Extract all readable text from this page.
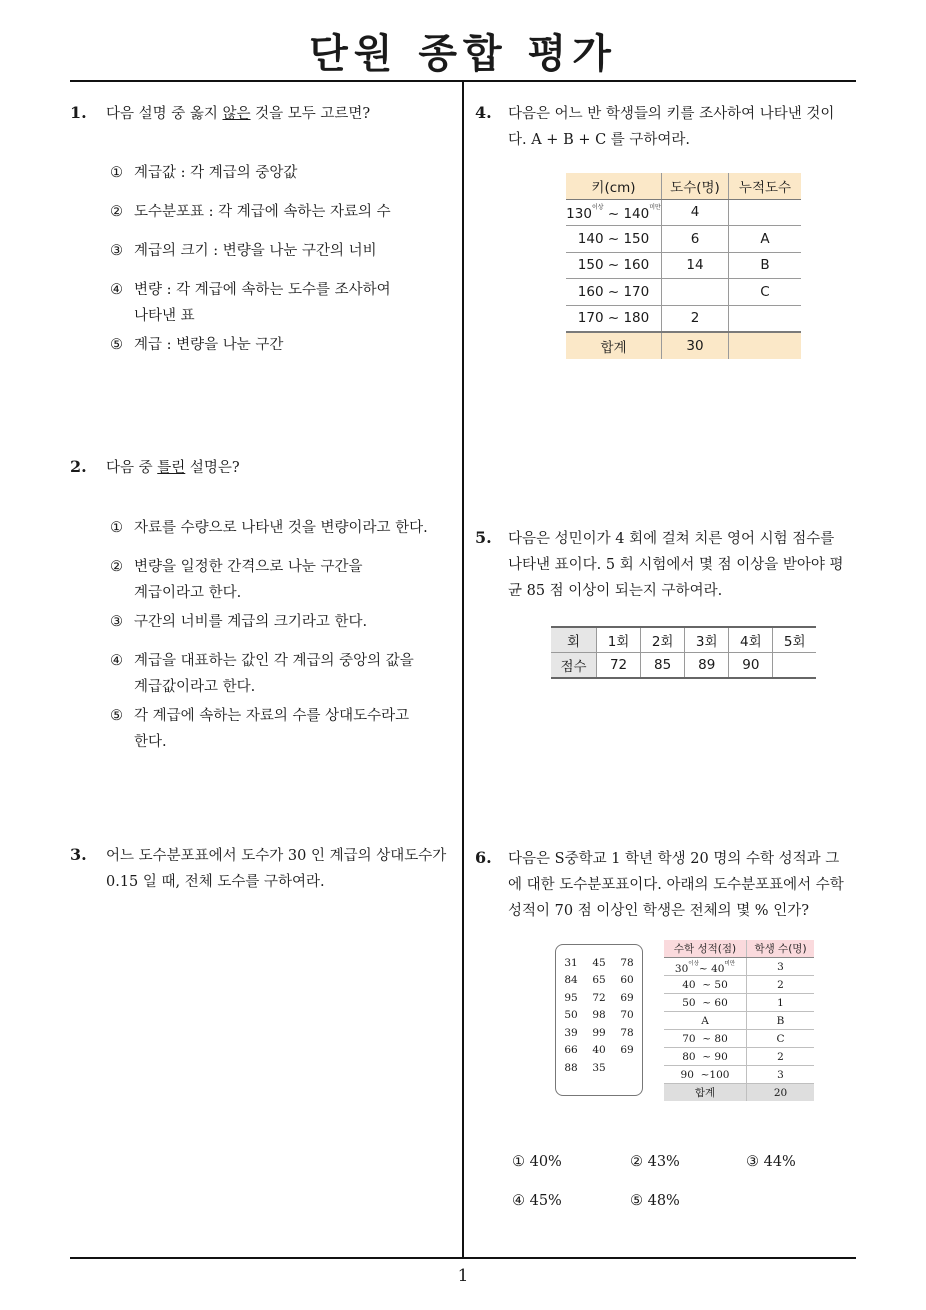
단원 종합 평가
1
1. 다음 설명 중 옳지 않은 것을 모두 고르면?
① 계급값 : 각 계급의 중앙값
② 도수분포표 : 각 계급에 속하는 자료의 수
③ 계급의 크기 : 변량을 나눈 구간의 너비
④ 변량 : 각 계급에 속하는 도수를 조사하여
나타낸 표
⑤ 계급 : 변량을 나눈 구간
2. 다음 중 틀린 설명은?
① 자료를 수량으로 나타낸 것을 변량이라고 한다.
② 변량을 일정한 간격으로 나눈 구간을
계급이라고 한다.
③ 구간의 너비를 계급의 크기라고 한다.
④ 계급을 대표하는 값인 각 계급의 중앙의 값을
계급값이라고 한다.
⑤ 각 계급에 속하는 자료의 수를 상대도수라고
한다.
3. 어느 도수분포표에서 도수가 30 인 계급의 상대도수가
0.15 일 때, 전체 도수를 구하여라.
4. 다음은 어느 반 학생들의 키를 조사하여 나타낸 것이
다. A + B + C 를 구하여라.
키(cm)	도수(명)	누적도수
$130^{이상}$ ~ $140^{미만}$	4	
140 ~ 150	6	A
150 ~ 160	14	B
160 ~ 170		C
170 ~ 180	2	
합계	30	
5. 다음은 성민이가 4 회에 걸쳐 치른 영어 시험 점수를
나타낸 표이다. 5 회 시험에서 몇 점 이상을 받아야 평
균 85 점 이상이 되는지 구하여라.
회	1회	2회	3회	4회	5회
점수	72	85	89	90	
6. 다음은 S중학교 1 학년 학생 20 명의 수학 성적과 그
에 대한 도수분포표이다. 아래의 도수분포표에서 수학
성적이 70 점 이상인 학생은 전체의 몇 % 인가?
31	45	78
84	65	60
95	72	69
50	98	70
39	99	78
66	40	69
88	35	
수학 성적(점)	학생 수(명)
$30^{이상}\sim$ $40^{미만}$	3
40  ~ 50	2
50  ~ 60	1
A	B
70  ~ 80	C
80  ~ 90	2
90  ~100	3
합계	20
① 40%	② 43%	③ 44%
④ 45%	⑤ 48%
